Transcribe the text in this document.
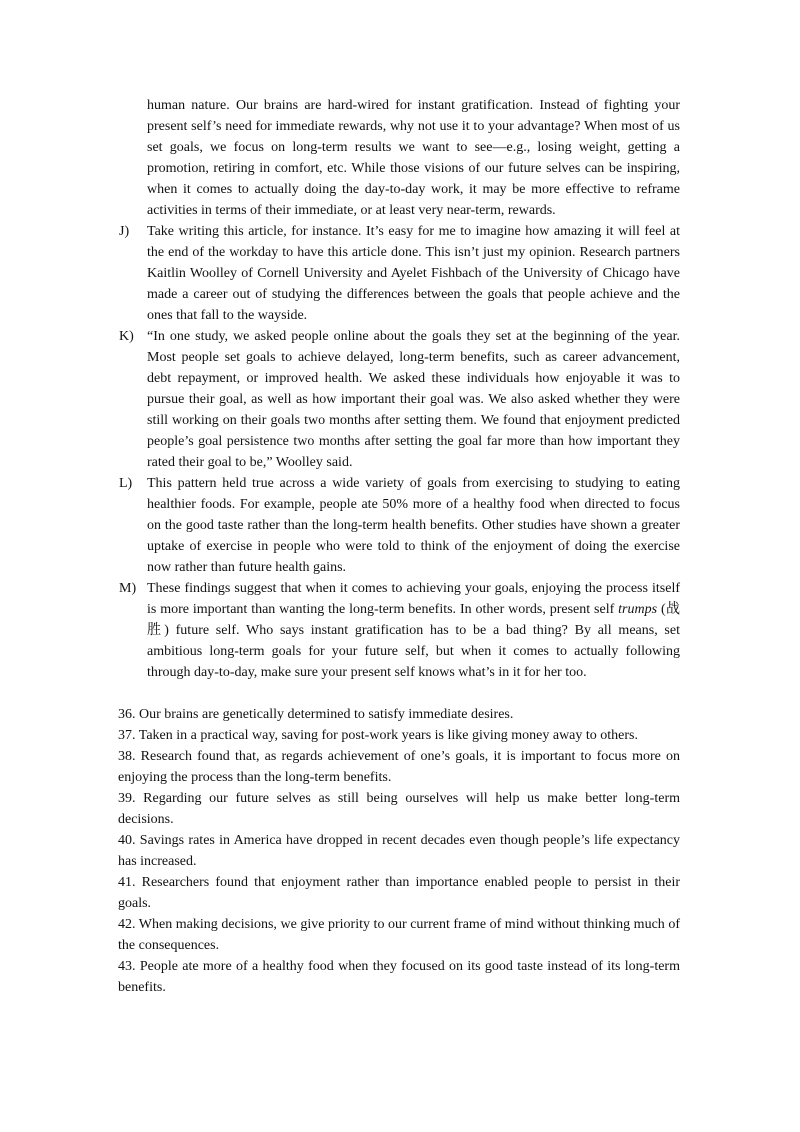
human nature. Our brains are hard-wired for instant gratification. Instead of fighting your present self’s need for immediate rewards, why not use it to your advantage? When most of us set goals, we focus on long-term results we want to see—e.g., losing weight, getting a promotion, retiring in comfort, etc. While those visions of our future selves can be inspiring, when it comes to actually doing the day-to-day work, it may be more effective to reframe activities in terms of their immediate, or at least very near-term, rewards.

J) Take writing this article, for instance. It’s easy for me to imagine how amazing it will feel at the end of the workday to have this article done. This isn’t just my opinion. Research partners Kaitlin Woolley of Cornell University and Ayelet Fishbach of the University of Chicago have made a career out of studying the differences between the goals that people achieve and the ones that fall to the wayside.
K) “In one study, we asked people online about the goals they set at the beginning of the year. Most people set goals to achieve delayed, long-term benefits, such as career advancement, debt repayment, or improved health. We asked these individuals how enjoyable it was to pursue their goal, as well as how important their goal was. We also asked whether they were still working on their goals two months after setting them. We found that enjoyment predicted people’s goal persistence two months after setting the goal far more than how important they rated their goal to be,” Woolley said.
L) This pattern held true across a wide variety of goals from exercising to studying to eating healthier foods. For example, people ate 50% more of a healthy food when directed to focus on the good taste rather than the long-term health benefits. Other studies have shown a greater uptake of exercise in people who were told to think of the enjoyment of doing the exercise now rather than future health gains.
M) These findings suggest that when it comes to achieving your goals, enjoying the process itself is more important than wanting the long-term benefits. In other words, present self trumps (战胜) future self. Who says instant gratification has to be a bad thing? By all means, set ambitious long-term goals for your future self, but when it comes to actually following through day-to-day, make sure your present self knows what’s in it for her too.
36. Our brains are genetically determined to satisfy immediate desires.
37. Taken in a practical way, saving for post-work years is like giving money away to others.
38. Research found that, as regards achievement of one’s goals, it is important to focus more on enjoying the process than the long-term benefits.
39. Regarding our future selves as still being ourselves will help us make better long-term decisions.
40. Savings rates in America have dropped in recent decades even though people’s life expectancy has increased.
41. Researchers found that enjoyment rather than importance enabled people to persist in their goals.
42. When making decisions, we give priority to our current frame of mind without thinking much of the consequences.
43. People ate more of a healthy food when they focused on its good taste instead of its long-term benefits.
